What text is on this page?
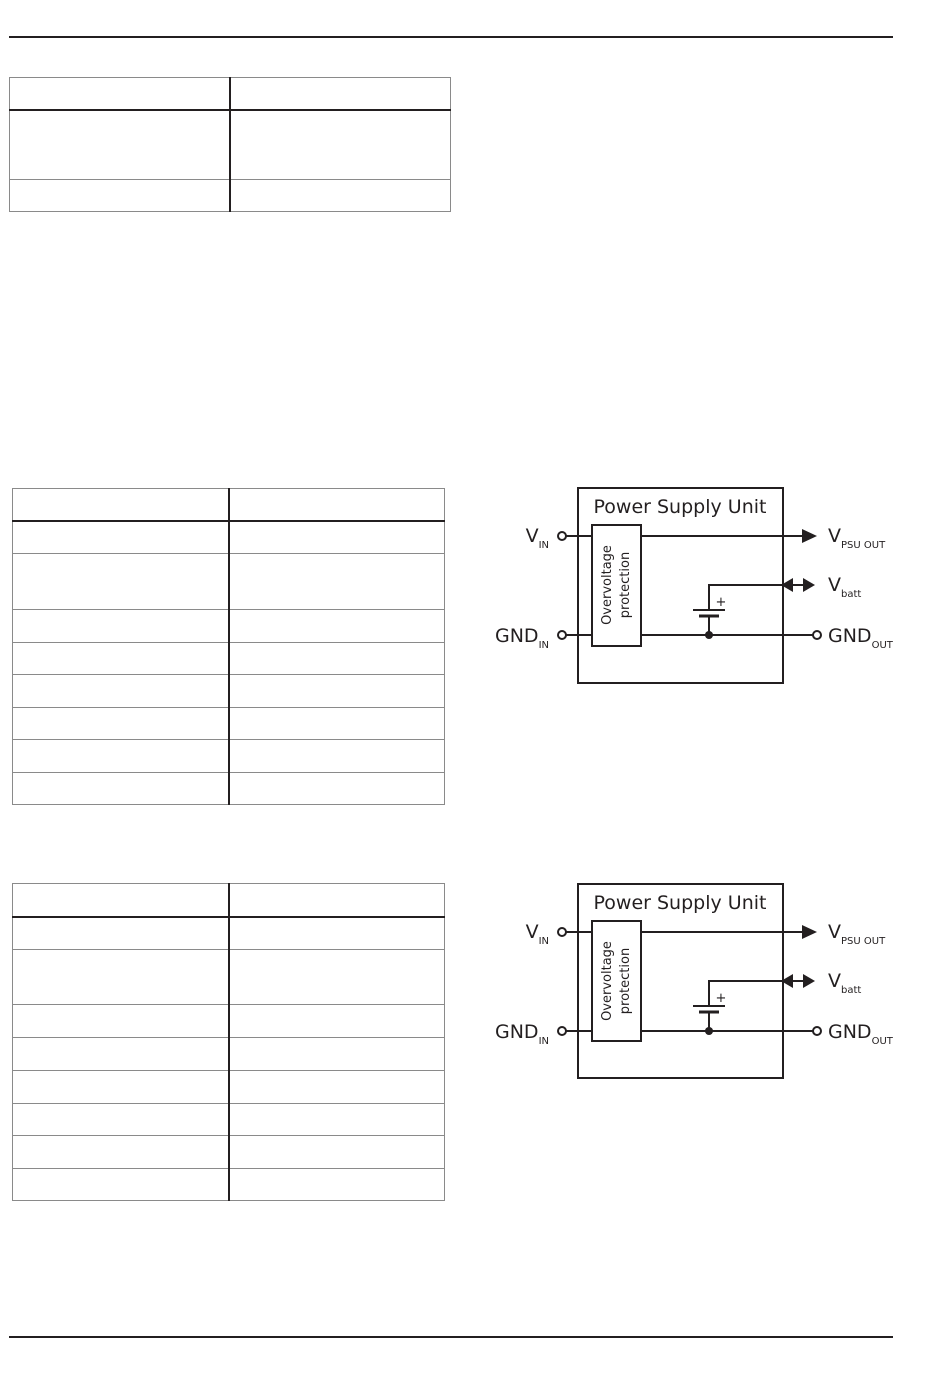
Power Supply Unit
Overvoltage protection	+
$V_{IN}$
$GND_{IN}$
$V_{PSU OUT}$
$V_{batt}$
$GND_{OUT}$
Power Supply Unit
Overvoltage protection	+
$V_{IN}$
$GND_{IN}$
$V_{PSU OUT}$
$V_{batt}$
$GND_{OUT}$
